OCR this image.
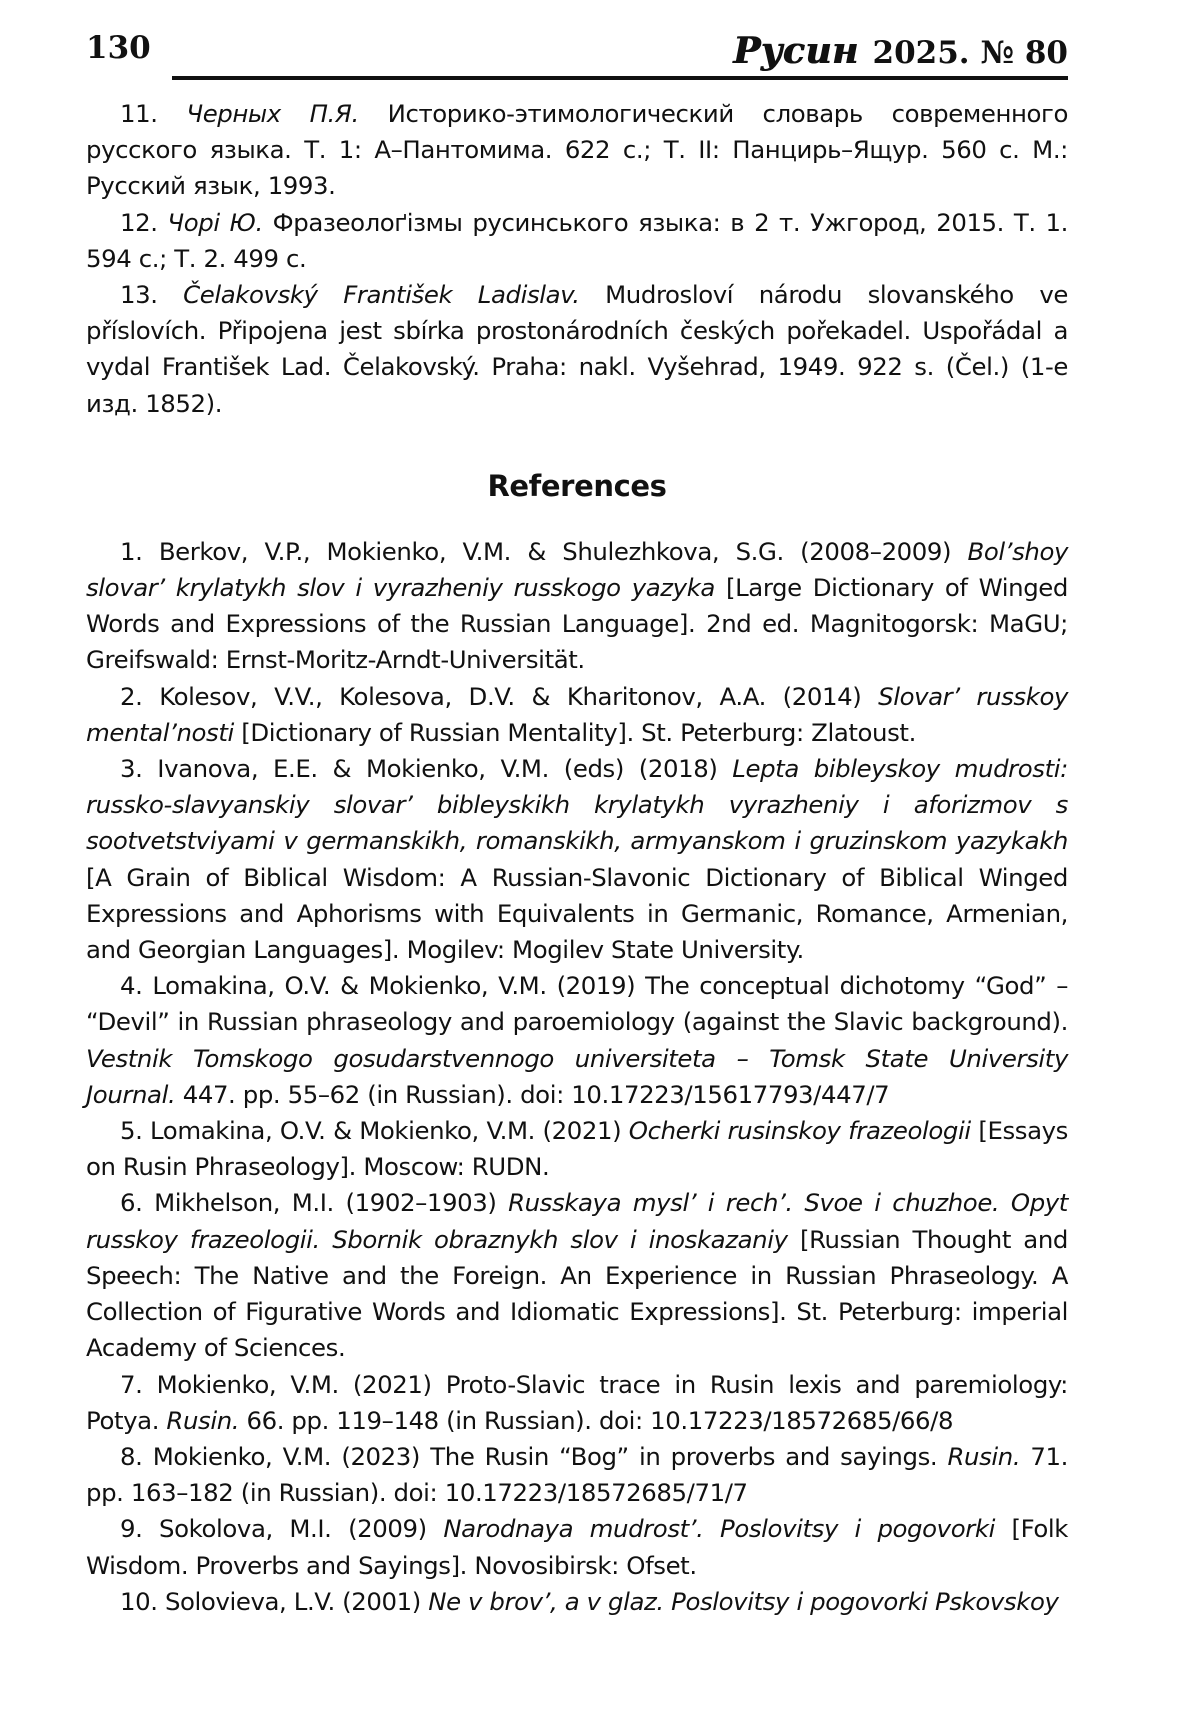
130	Русин 2025. № 80

11. Черных П.Я. Историко-этимологический словарь современного русского языка. Т. 1: А–Пантомима. 622 с.; Т. II: Панцирь–Ящур. 560 с. М.: Русский язык, 1993.

12. Чорі Ю. Фразеолоґізмы русинського языка: в 2 т. Ужгород, 2015. Т. 1. 594 с.; Т. 2. 499 с.

13. Čelakovský František Ladislav. Mudrosloví národu slovanského ve příslovích. Připojena jest sbírka prostonárodních českých pořekadel. Uspořádal a vydal František Lad. Čelakovský. Praha: nakl. Vyšehrad, 1949. 922 s. (Čel.) (1-е изд. 1852).

References

1. Berkov, V.P., Mokienko, V.M. & Shulezhkova, S.G. (2008–2009) Bol’shoy slovar’ krylatykh slov i vyrazheniy russkogo yazyka [Large Dictionary of Winged Words and Expressions of the Russian Language]. 2nd ed. Magnitogorsk: MaGU; Greifswald: Ernst-Moritz-Arndt-Universität.

2. Kolesov, V.V., Kolesova, D.V. & Kharitonov, A.A. (2014) Slovar’ russkoy mental’nosti [Dictionary of Russian Mentality]. St. Peterburg: Zlatoust.

3. Ivanova, E.E. & Mokienko, V.M. (eds) (2018) Lepta bibleyskoy mudrosti: russko-slavyanskiy slovar’ bibleyskikh krylatykh vyrazheniy i aforizmov s sootvetstviyami v germanskikh, romanskikh, armyanskom i gruzinskom yazykakh [A Grain of Biblical Wisdom: A Russian-Slavonic Dictionary of Biblical Winged Expressions and Aphorisms with Equivalents in Germanic, Romance, Armenian, and Georgian Languages]. Mogilev: Mogilev State University.

4. Lomakina, O.V. & Mokienko, V.M. (2019) The conceptual dichotomy “God” – “Devil” in Russian phraseology and paroemiology (against the Slavic background). Vestnik Tomskogo gosudarstvennogo universiteta – Tomsk State University Journal. 447. pp. 55–62 (in Russian). doi: 10.17223/15617793/447/7

5. Lomakina, O.V. & Mokienko, V.M. (2021) Ocherki rusinskoy frazeologii [Essays on Rusin Phraseology]. Moscow: RUDN.

6. Mikhelson, M.I. (1902–1903) Russkaya mysl’ i rech’. Svoe i chuzhoe. Opyt russkoy frazeologii. Sbornik obraznykh slov i inoskazaniy [Russian Thought and Speech: The Native and the Foreign. An Experience in Russian Phraseology. A Collection of Figurative Words and Idiomatic Expressions]. St. Peterburg: imperial Academy of Sciences.

7. Mokienko, V.M. (2021) Proto-Slavic trace in Rusin lexis and paremiology: Potya. Rusin. 66. pp. 119–148 (in Russian). doi: 10.17223/18572685/66/8

8. Mokienko, V.M. (2023) The Rusin “Bog” in proverbs and sayings. Rusin. 71. pp. 163–182 (in Russian). doi: 10.17223/18572685/71/7

9. Sokolova, M.I. (2009) Narodnaya mudrost’. Poslovitsy i pogovorki [Folk Wisdom. Proverbs and Sayings]. Novosibirsk: Ofset.

10. Solovieva, L.V. (2001) Ne v brov’, a v glaz. Poslovitsy i pogovorki Pskovskoy
